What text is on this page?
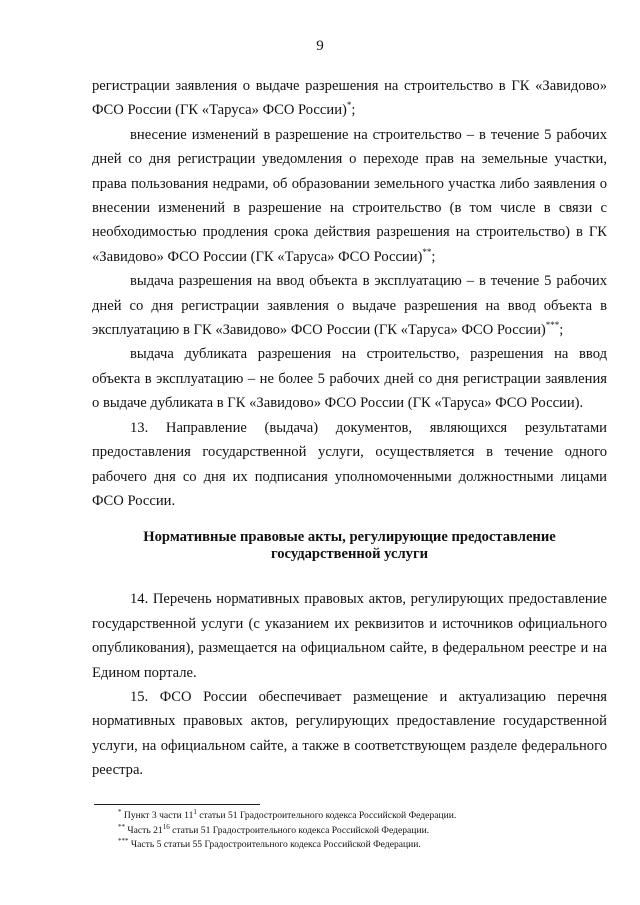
9

регистрации заявления о выдаче разрешения на строительство в ГК «Завидово» ФСО России (ГК «Таруса» ФСО России)*;

внесение изменений в разрешение на строительство – в течение 5 рабочих дней со дня регистрации уведомления о переходе прав на земельные участки, права пользования недрами, об образовании земельного участка либо заявления о внесении изменений в разрешение на строительство (в том числе в связи с необходимостью продления срока действия разрешения на строительство) в ГК «Завидово» ФСО России (ГК «Таруса» ФСО России)**;

выдача разрешения на ввод объекта в эксплуатацию – в течение 5 рабочих дней со дня регистрации заявления о выдаче разрешения на ввод объекта в эксплуатацию в ГК «Завидово» ФСО России (ГК «Таруса» ФСО России)***;

выдача дубликата разрешения на строительство, разрешения на ввод объекта в эксплуатацию – не более 5 рабочих дней со дня регистрации заявления о выдаче дубликата в ГК «Завидово» ФСО России (ГК «Таруса» ФСО России).

13. Направление (выдача) документов, являющихся результатами предоставления государственной услуги, осуществляется в течение одного рабочего дня со дня их подписания уполномоченными должностными лицами ФСО России.

Нормативные правовые акты, регулирующие предоставление
государственной услуги

14. Перечень нормативных правовых актов, регулирующих предоставление государственной услуги (с указанием их реквизитов и источников официального опубликования), размещается на официальном сайте, в федеральном реестре и на Едином портале.

15. ФСО России обеспечивает размещение и актуализацию перечня нормативных правовых актов, регулирующих предоставление государственной услуги, на официальном сайте, а также в соответствующем разделе федерального реестра.

* Пункт 3 части 11$^1$ статьи 51 Градостроительного кодекса Российской Федерации.
** Часть 21$^{16}$ статьи 51 Градостроительного кодекса Российской Федерации.
*** Часть 5 статьи 55 Градостроительного кодекса Российской Федерации.
